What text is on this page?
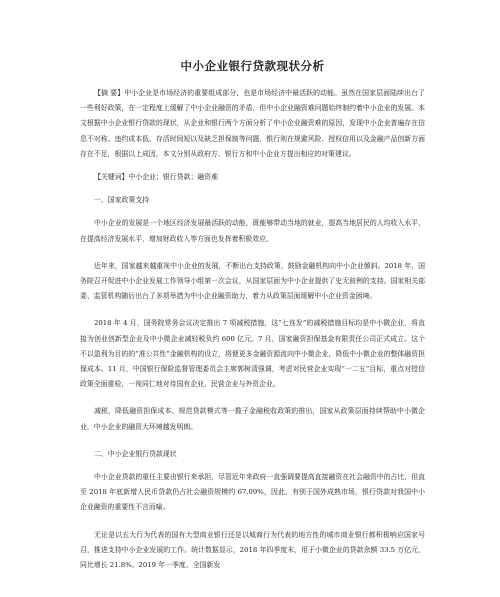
中小企业银行贷款现状分析

【摘 要】中小企业是市场经济的重要组成部分，也是市场经济中最活跃的动能。虽然在国家层面陆续出台了一些利好政策，在一定程度上缓解了中小企业融资的矛盾，但中小企业融资难问题始终制约着中小企业的发展。本文根据中小企业银行贷款的现状，从企业和银行两个方面分析了中小企业融资难的原因，发现中小企业普遍存在信息不对称、违约成本低、存活时间短以及缺乏担保制等问题，银行则在规避风险、授权信用以及金融产品创新方面存在不足，根据以上成因，本文分别从政府方、银行方和中小企业方提出相应的对策建议。

【关键词】中小企业；银行贷款；融资难

一、国家政策支持

中小企业的发展是一个地区经济发展最活跃的动能，既能够带动当地的就业，提高当地居民的人均收入水平，在提高经济发展水平，增加财政收入等方面也发挥着积极效应。

近年来，国家越来越重视中小企业的发展，不断出台支持政策，鼓励金融机构向中小企业倾斜。2018 年，国务院召开促进中小企业发展工作领导小组第一次会议，从国家层面为中小企业提供了史无前例的支持。国家相关部委、监管机构随后出台了多项举措为中小企业融资助力，着力从政策层面缓解中小企业资金困境。

2018 年 4 月，国务院常务会议决定推出 7 项减税措施，这“七连发”的减税措施目标均是中小微企业，将直接为创业创新型企业及中小微企业减轻税负约 600 亿元。7 月，国家融资担保基金有限责任公司正式成立。这个不以盈利为目的的“准公共性”金融机构的设立，将便更多金融资源流向中小微企业，降低中小微企业的整体融资担保成本。11 月，中国银行保险监督管理委员会主席郭树清强调，考虑对民营企业实现“一二五”目标，重点对授信政策全面重检，一视同仁地对待国有企业、民营企业与外资企业。

减税、降低融资担保成本、规范贷款模式等一揽子金融税收政策的推出，国家从政策层面持续帮助中小微企业，中小企业的融资大环境越发明朗。

二、中小企业银行贷款现状

中小企业贷款的重任主要由银行来承担，尽管近年来政府一直强调要提高直接融资在社会融资中的占比，但直至 2018 年底新增人民币贷款仍占社会融资规模约 67.09%，因此，有别于国外成熟市场，银行贷款对我国中小企业融资的重要性不言而喻。

无论是以五大行为代表的国有大型商业银行还是以城商行为代表的地方性的城市商业银行都积极响应国家号召，推进支持中小企业发展的工作。统计数据显示，2018 年四季度末，用于小微企业的贷款余额 33.5 万亿元，同比增长 21.8%。2019 年一季度，全国新发
